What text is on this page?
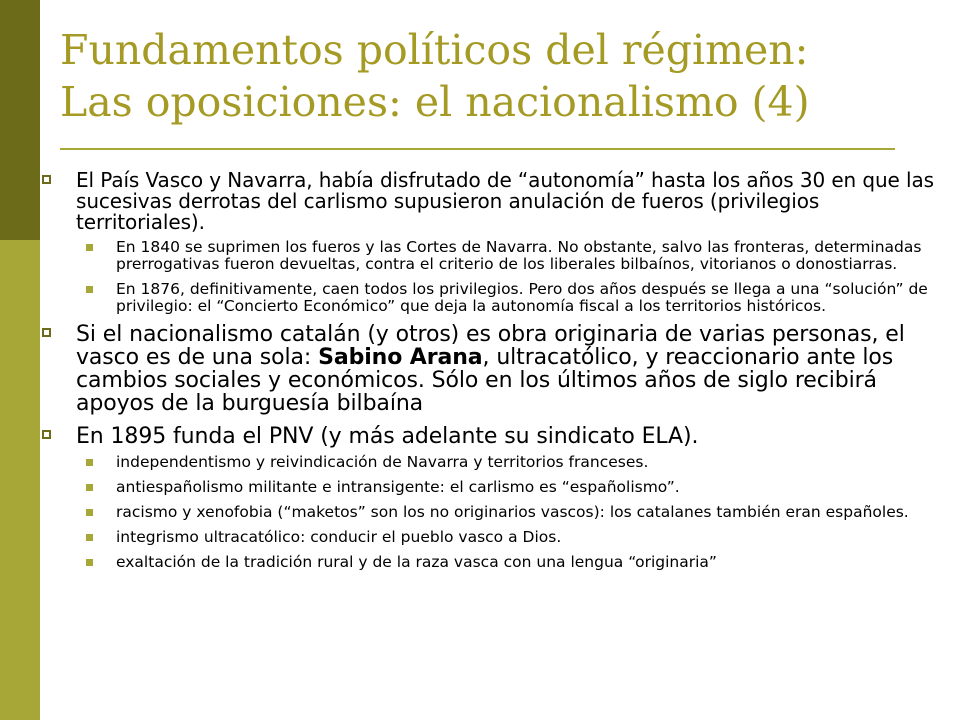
Fundamentos políticos del régimen:
Las oposiciones: el nacionalismo (4)
El País Vasco y Navarra, había disfrutado de “autonomía” hasta los años 30 en que las sucesivas derrotas del carlismo supusieron anulación de fueros (privilegios territoriales).
En 1840 se suprimen los fueros y las Cortes de Navarra. No obstante, salvo las fronteras, determinadas prerrogativas fueron devueltas, contra el criterio de los liberales bilbaínos, vitorianos o donostiarras.
En 1876, definitivamente, caen todos los privilegios. Pero dos años después se llega a una “solución” de privilegio: el “Concierto Económico” que deja la autonomía fiscal a los territorios históricos.
Si el nacionalismo catalán (y otros) es obra originaria de varias personas, el vasco es de una sola: Sabino Arana, ultracatólico, y reaccionario ante los cambios sociales y económicos. Sólo en los últimos años de siglo recibirá apoyos de la burguesía bilbaína
En 1895 funda el PNV (y más adelante su sindicato ELA).
independentismo y reivindicación de Navarra y territorios franceses.
antiespañolismo militante e intransigente: el carlismo es “españolismo”.
racismo y xenofobia (“maketos” son los no originarios vascos): los catalanes también eran españoles.
integrismo ultracatólico: conducir el pueblo vasco a Dios.
exaltación de la tradición rural y de la raza vasca con una lengua “originaria”
